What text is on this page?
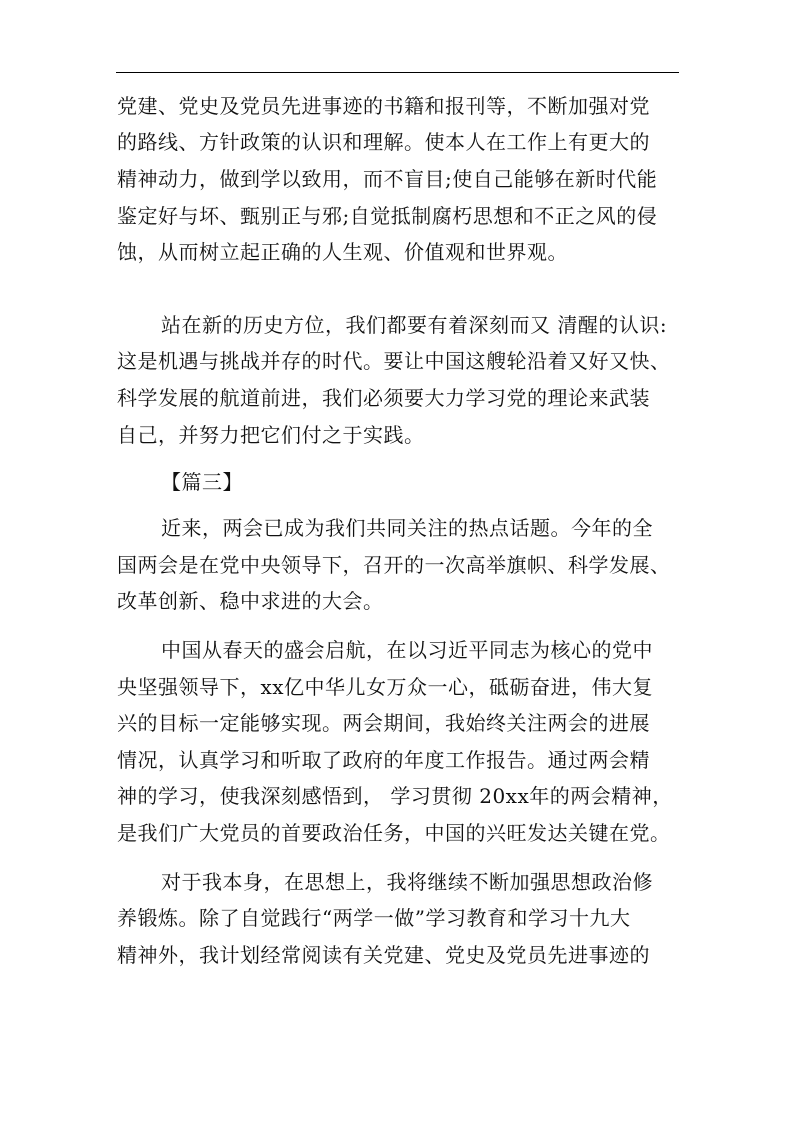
党建、党史及党员先进事迹的书籍和报刊等，不断加强对党
的路线、方针政策的认识和理解。使本人在工作上有更大的
精神动力，做到学以致用，而不盲目;使自己能够在新时代能
鉴定好与坏、甄别正与邪;自觉抵制腐朽思想和不正之风的侵
蚀，从而树立起正确的人生观、价值观和世界观。
站在新的历史方位，我们都要有着深刻而又 清醒的认识:
这是机遇与挑战并存的时代。要让中国这艘轮沿着又好又快、
科学发展的航道前进，我们必须要大力学习党的理论来武装
自己，并努力把它们付之于实践。
【篇三】
近来，两会已成为我们共同关注的热点话题。今年的全
国两会是在党中央领导下，召开的一次高举旗帜、科学发展、
改革创新、稳中求进的大会。
中国从春天的盛会启航，在以习近平同志为核心的党中
央坚强领导下，xx亿中华儿女万众一心，砥砺奋进，伟大复
兴的目标一定能够实现。两会期间，我始终关注两会的进展
情况，认真学习和听取了政府的年度工作报告。通过两会精
神的学习，使我深刻感悟到， 学习贯彻 20xx年的两会精神，
是我们广大党员的首要政治任务，中国的兴旺发达关键在党。
对于我本身，在思想上，我将继续不断加强思想政治修
养锻炼。除了自觉践行“两学一做”学习教育和学习十九大
精神外，我计划经常阅读有关党建、党史及党员先进事迹的
